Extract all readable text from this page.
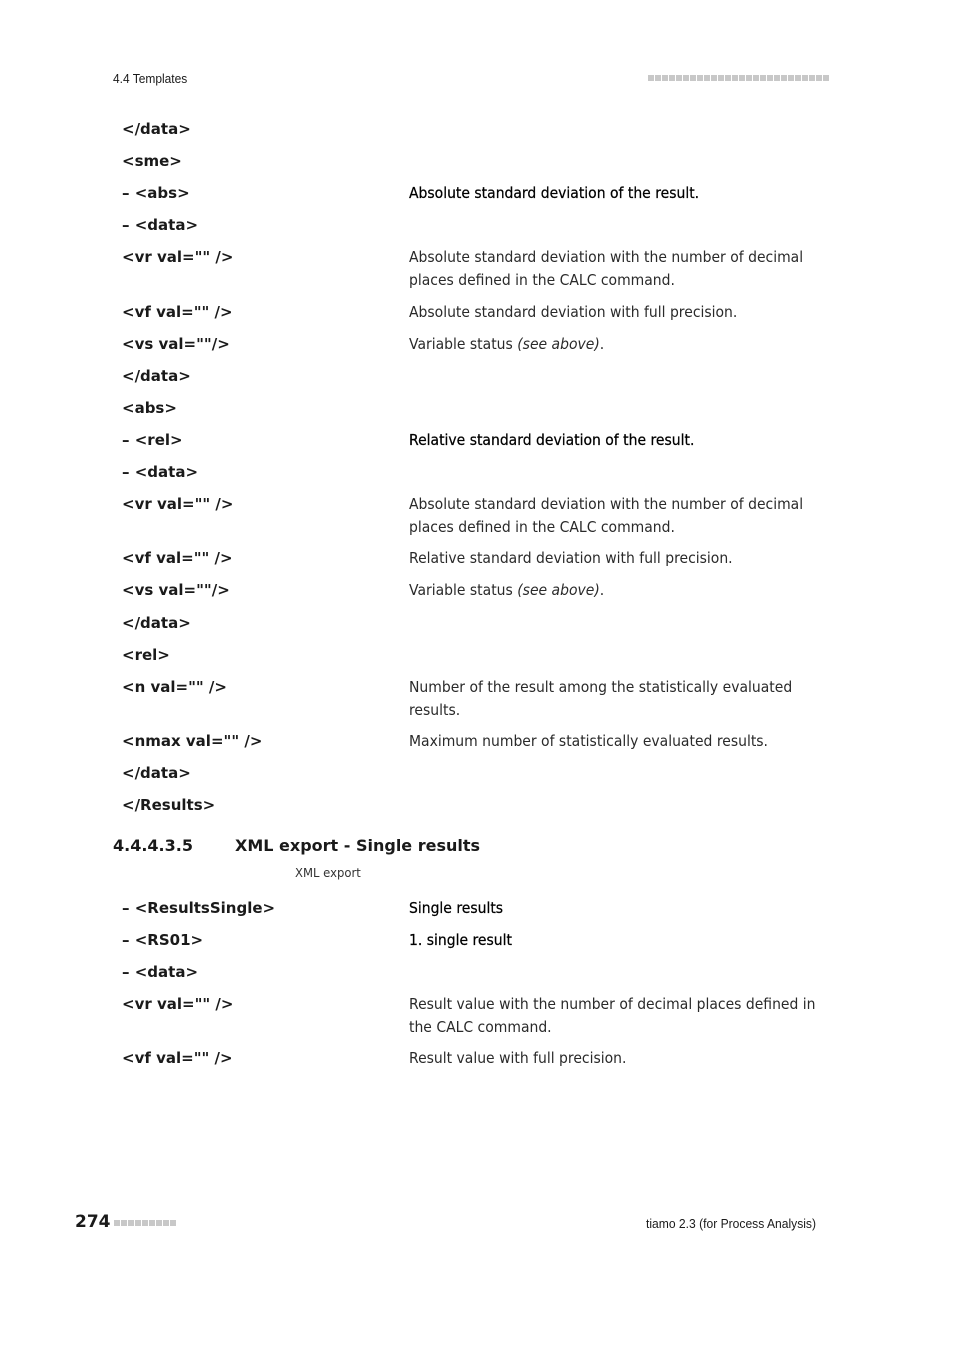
4.4 Templates
</data>
<sme>
– <abs>	Absolute standard deviation of the result.
– <data>
<vr val="" />	Absolute standard deviation with the number of decimal places defined in the CALC command.
<vf val="" />	Absolute standard deviation with full precision.
<vs val=""/>	Variable status (see above).
</data>
<abs>
– <rel>	Relative standard deviation of the result.
– <data>
<vr val="" />	Absolute standard deviation with the number of decimal places defined in the CALC command.
<vf val="" />	Relative standard deviation with full precision.
<vs val=""/>	Variable status (see above).
</data>
<rel>
<n val="" />	Number of the result among the statistically evaluated results.
<nmax val="" />	Maximum number of statistically evaluated results.
</data>
</Results>
4.4.4.3.5	XML export - Single results
XML export
– <ResultsSingle>	Single results
– <RS01>	1. single result
– <data>
<vr val="" />	Result value with the number of decimal places defined in the CALC command.
<vf val="" />	Result value with full precision.
274	tiamo 2.3 (for Process Analysis)
